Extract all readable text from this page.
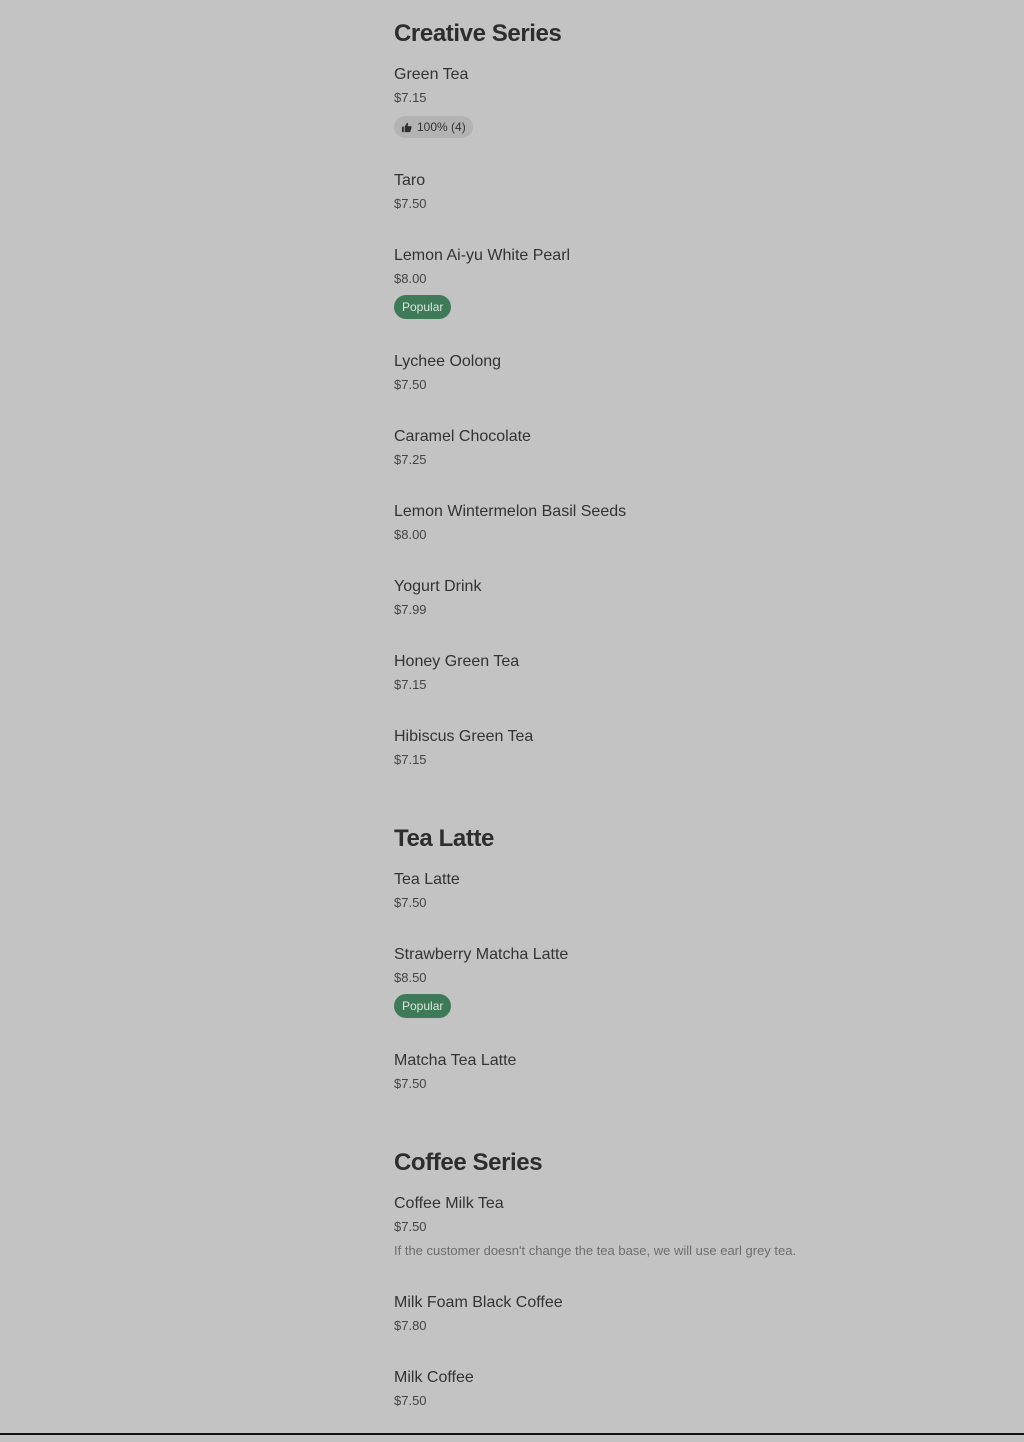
Creative Series
Green Tea
$7.15
100% (4)
Taro
$7.50
Lemon Ai-yu White Pearl
$8.00
Popular
Lychee Oolong
$7.50
Caramel Chocolate
$7.25
Lemon Wintermelon Basil Seeds
$8.00
Yogurt Drink
$7.99
Honey Green Tea
$7.15
Hibiscus Green Tea
$7.15
Tea Latte
Tea Latte
$7.50
Strawberry Matcha Latte
$8.50
Popular
Matcha Tea Latte
$7.50
Coffee Series
Coffee Milk Tea
$7.50
If the customer doesn't change the tea base, we will use earl grey tea.
Milk Foam Black Coffee
$7.80
Milk Coffee
$7.50
